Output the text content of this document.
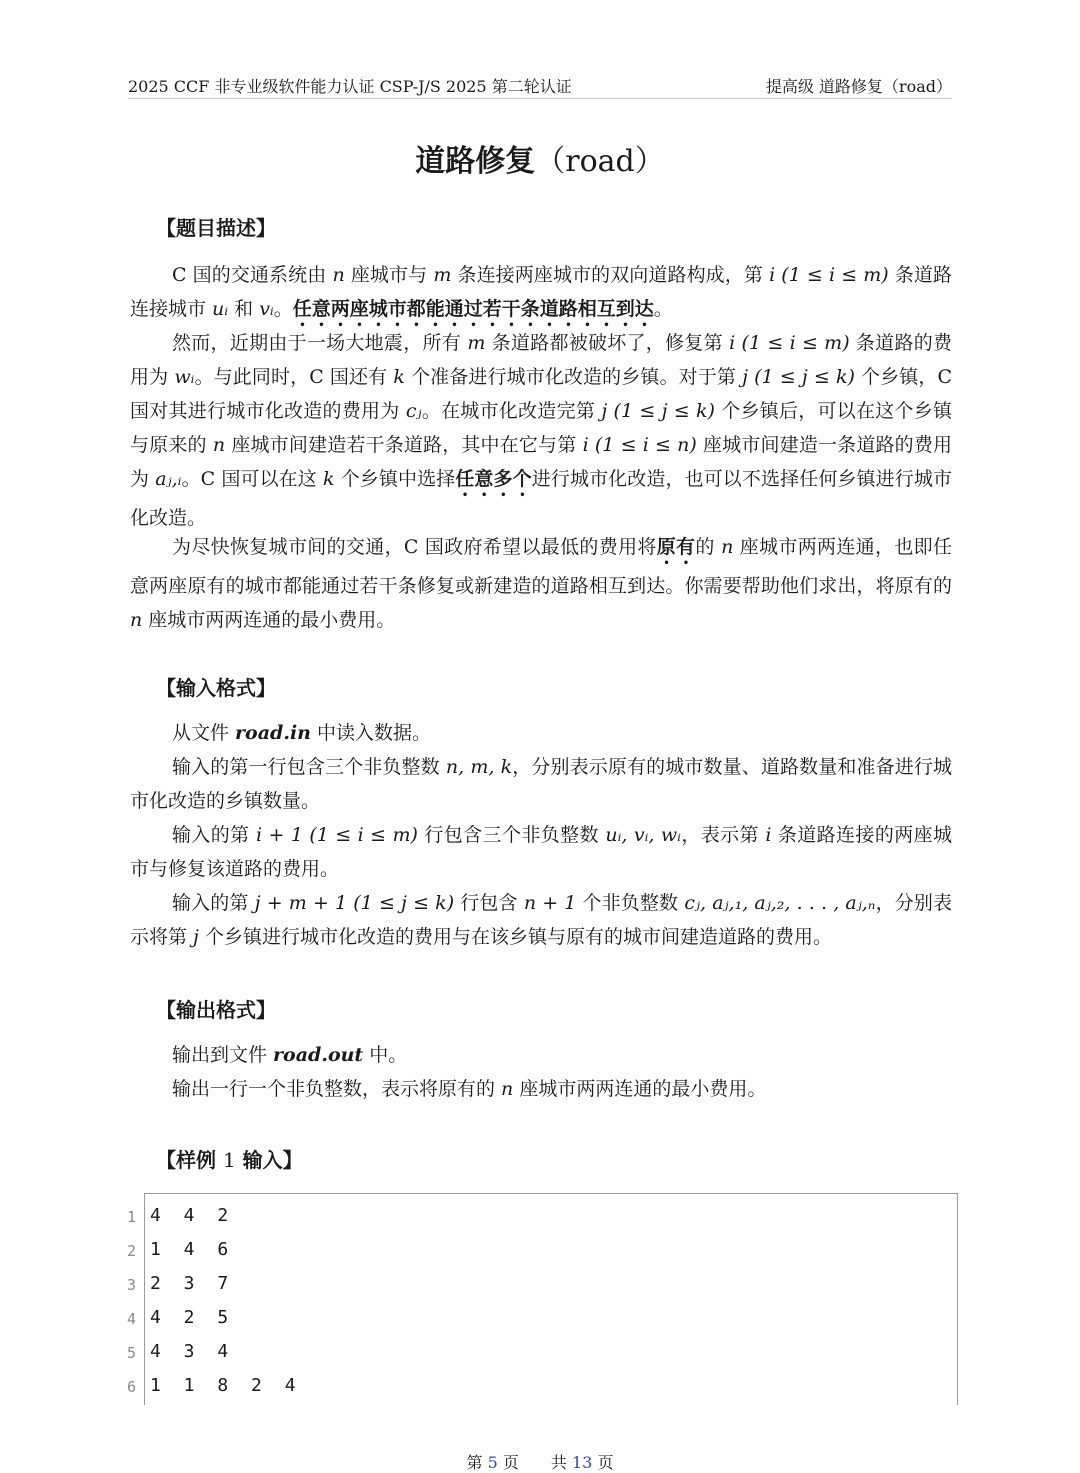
2025 CCF 非专业级软件能力认证 CSP-J/S 2025 第二轮认证	提高级 道路修复（road）
道路修复（road）
【题目描述】

C 国的交通系统由 n 座城市与 m 条连接两座城市的双向道路构成，第 i (1 ≤ i ≤ m) 条道路连接城市 uᵢ 和 vᵢ。任意两座城市都能通过若干条道路相互到达。

然而，近期由于一场大地震，所有 m 条道路都被破坏了，修复第 i (1 ≤ i ≤ m) 条道路的费用为 wᵢ。与此同时，C 国还有 k 个准备进行城市化改造的乡镇。对于第 j (1 ≤ j ≤ k) 个乡镇，C 国对其进行城市化改造的费用为 cⱼ。在城市化改造完第 j (1 ≤ j ≤ k) 个乡镇后，可以在这个乡镇与原来的 n 座城市间建造若干条道路，其中在它与第 i (1 ≤ i ≤ n) 座城市间建造一条道路的费用为 aⱼ,ᵢ。C 国可以在这 k 个乡镇中选择任意多个进行城市化改造，也可以不选择任何乡镇进行城市化改造。

为尽快恢复城市间的交通，C 国政府希望以最低的费用将原有的 n 座城市两两连通，也即任意两座原有的城市都能通过若干条修复或新建造的道路相互到达。你需要帮助他们求出，将原有的 n 座城市两两连通的最小费用。

【输入格式】

从文件 road.in 中读入数据。

输入的第一行包含三个非负整数 n, m, k，分别表示原有的城市数量、道路数量和准备进行城市化改造的乡镇数量。

输入的第 i + 1 (1 ≤ i ≤ m) 行包含三个非负整数 uᵢ, vᵢ, wᵢ，表示第 i 条道路连接的两座城市与修复该道路的费用。

输入的第 j + m + 1 (1 ≤ j ≤ k) 行包含 n + 1 个非负整数 cⱼ, aⱼ,₁, aⱼ,₂, . . . , aⱼ,ₙ，分别表示将第 j 个乡镇进行城市化改造的费用与在该乡镇与原有的城市间建造道路的费用。

【输出格式】

输出到文件 road.out 中。

输出一行一个非负整数，表示将原有的 n 座城市两两连通的最小费用。

【样例 1 输入】
1 4 4 2
2 1 4 6
3 2 3 7
4 4 2 5
5 4 3 4
6 1 1 8 2 4
第 5 页　　共 13 页
